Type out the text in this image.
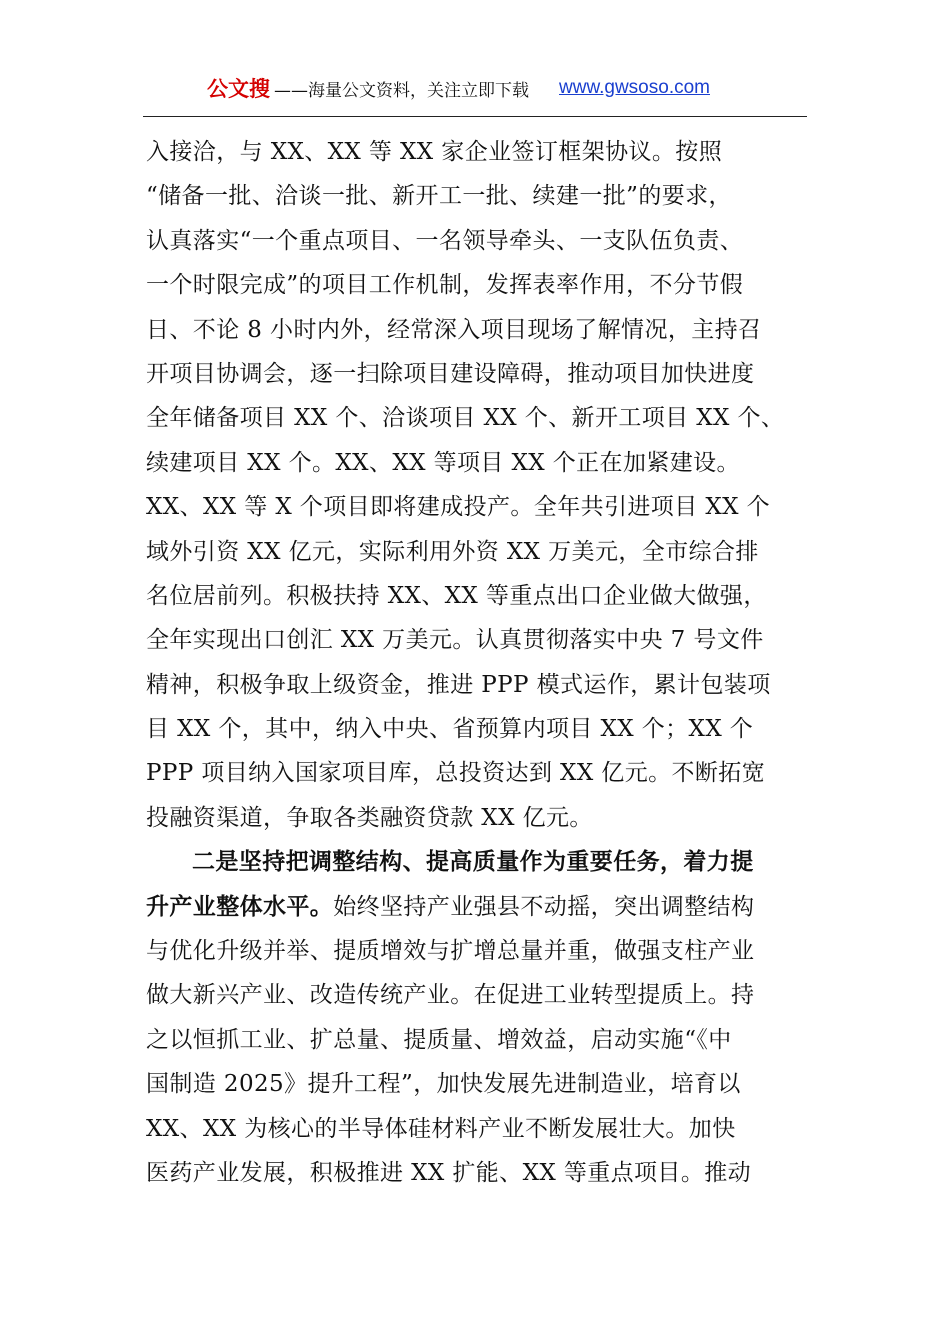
公文搜 ——海量公文资料，关注立即下载 www.gwsoso.com
入接洽，与 XX、XX 等 XX 家企业签订框架协议。按照
“储备一批、洽谈一批、新开工一批、续建一批”的要求，
认真落实“一个重点项目、一名领导牵头、一支队伍负责、
一个时限完成”的项目工作机制，发挥表率作用，不分节假
日、不论 8 小时内外，经常深入项目现场了解情况，主持召
开项目协调会，逐一扫除项目建设障碍，推动项目加快进度
全年储备项目 XX 个、洽谈项目 XX 个、新开工项目 XX 个、
续建项目 XX 个。XX、XX 等项目 XX 个正在加紧建设。
XX、XX 等 X 个项目即将建成投产。全年共引进项目 XX 个
域外引资 XX 亿元，实际利用外资 XX 万美元，全市综合排
名位居前列。积极扶持 XX、XX 等重点出口企业做大做强，
全年实现出口创汇 XX 万美元。认真贯彻落实中央 7 号文件
精神，积极争取上级资金，推进 PPP 模式运作，累计包装项
目 XX 个，其中，纳入中央、省预算内项目 XX 个；XX 个
PPP 项目纳入国家项目库，总投资达到 XX 亿元。不断拓宽
投融资渠道，争取各类融资贷款 XX 亿元。
二是坚持把调整结构、提高质量作为重要任务，着力提
升产业整体水平。始终坚持产业强县不动摇，突出调整结构
与优化升级并举、提质增效与扩增总量并重，做强支柱产业
做大新兴产业、改造传统产业。在促进工业转型提质上。持
之以恒抓工业、扩总量、提质量、增效益，启动实施“《中
国制造 2025》提升工程”，加快发展先进制造业，培育以
XX、XX 为核心的半导体硅材料产业不断发展壮大。加快
医药产业发展，积极推进 XX 扩能、XX 等重点项目。推动
